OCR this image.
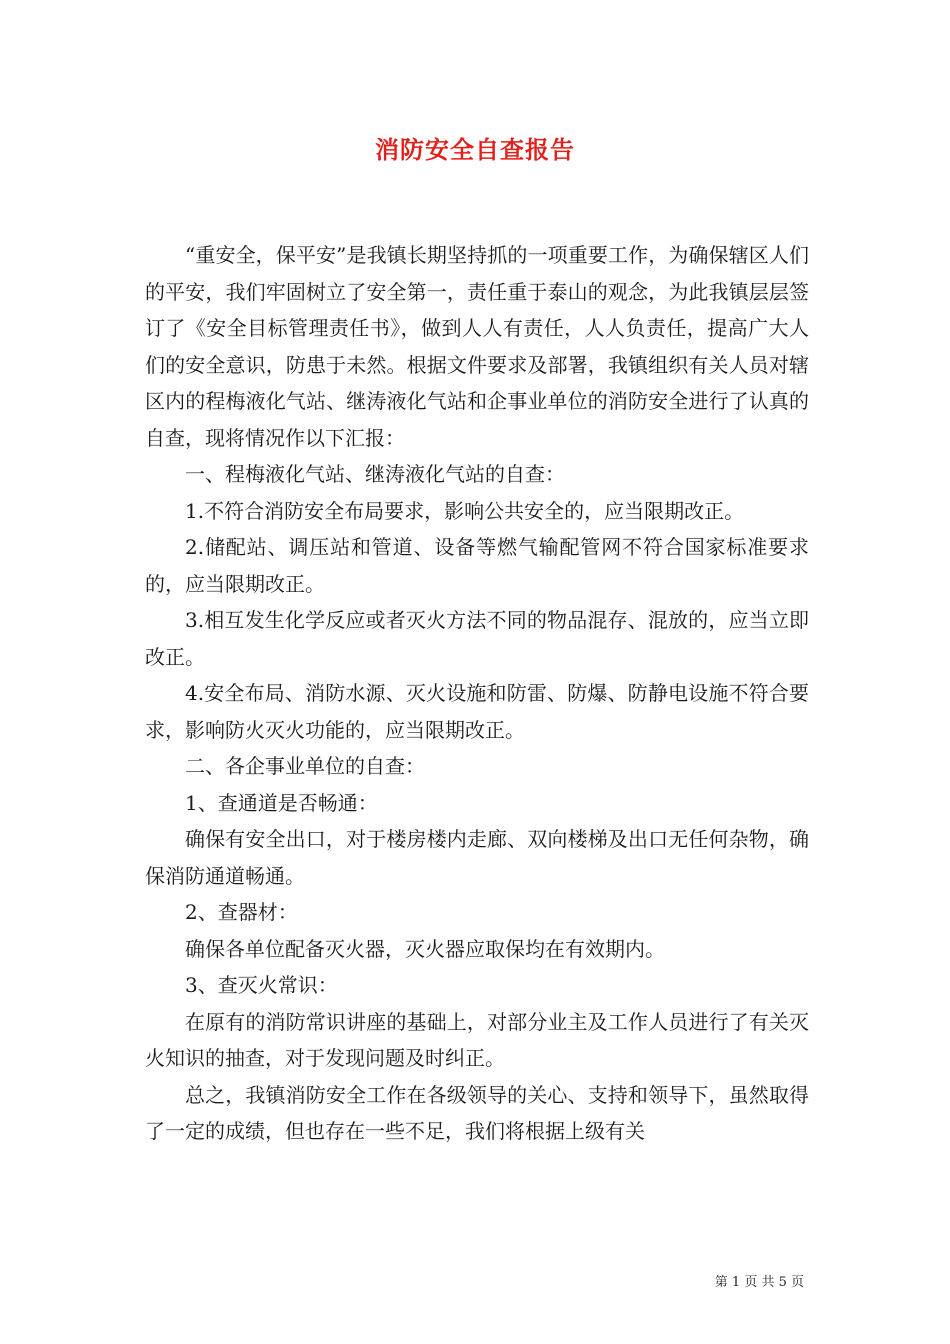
消防安全自查报告

“重安全，保平安”是我镇长期坚持抓的一项重要工作，为确保辖区人们的平安，我们牢固树立了安全第一，责任重于泰山的观念，为此我镇层层签订了《安全目标管理责任书》，做到人人有责任，人人负责任，提高广大人们的安全意识，防患于未然。根据文件要求及部署，我镇组织有关人员对辖区内的程梅液化气站、继涛液化气站和企事业单位的消防安全进行了认真的自查，现将情况作以下汇报：

一、程梅液化气站、继涛液化气站的自查：

1.不符合消防安全布局要求，影响公共安全的，应当限期改正。

2.储配站、调压站和管道、设备等燃气输配管网不符合国家标准要求的，应当限期改正。

3.相互发生化学反应或者灭火方法不同的物品混存、混放的，应当立即改正。

4.安全布局、消防水源、灭火设施和防雷、防爆、防静电设施不符合要求，影响防火灭火功能的，应当限期改正。

二、各企事业单位的自查：

1、查通道是否畅通：

确保有安全出口，对于楼房楼内走廊、双向楼梯及出口无任何杂物，确保消防通道畅通。

2、查器材：

确保各单位配备灭火器，灭火器应取保均在有效期内。

3、查灭火常识：

在原有的消防常识讲座的基础上，对部分业主及工作人员进行了有关灭火知识的抽查，对于发现问题及时纠正。

总之，我镇消防安全工作在各级领导的关心、支持和领导下，虽然取得了一定的成绩，但也存在一些不足，我们将根据上级有关

第 1 页 共 5 页
